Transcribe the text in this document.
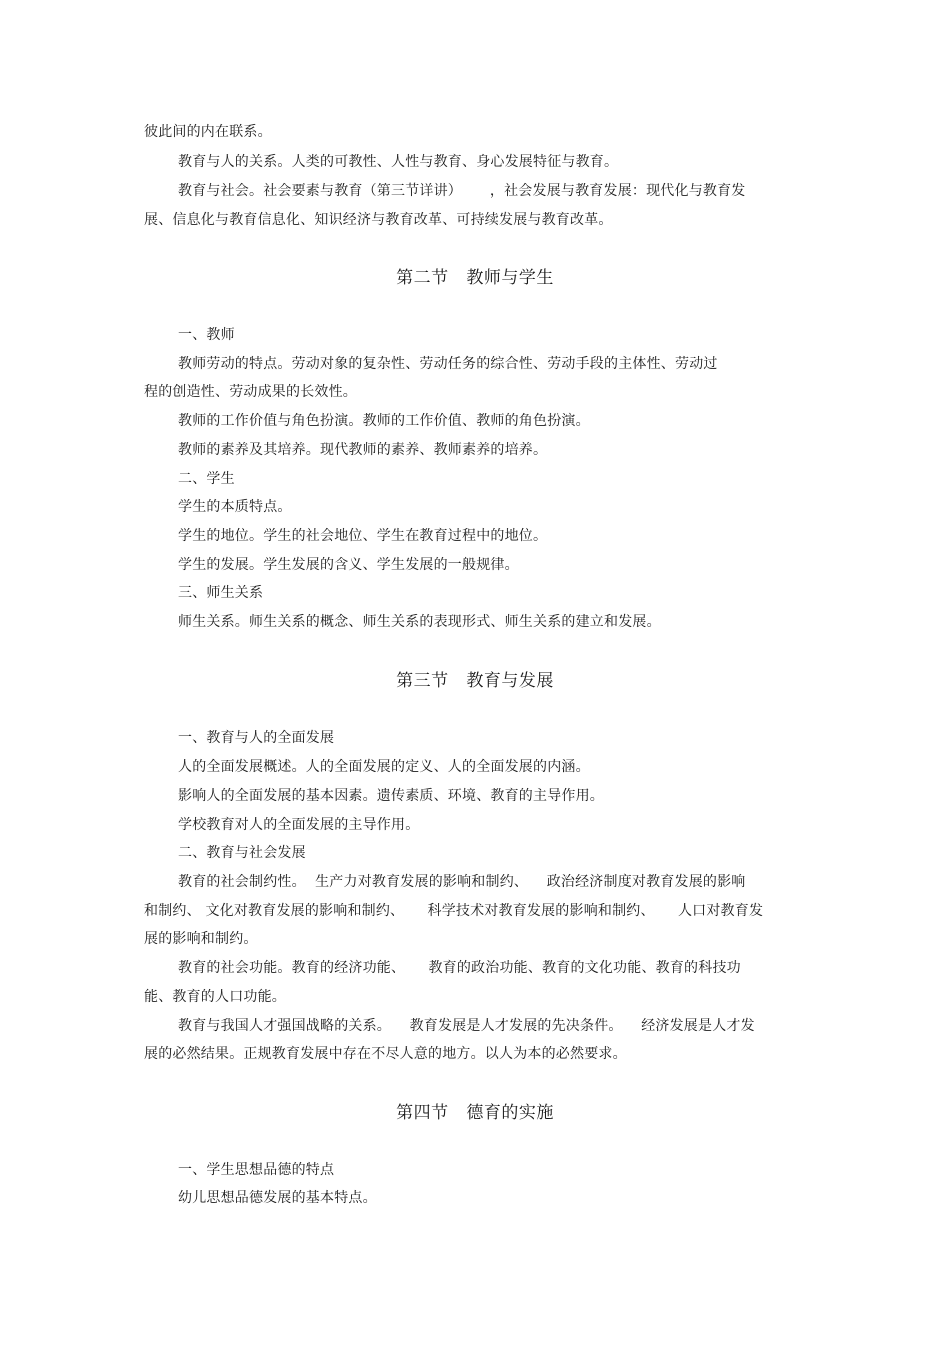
彼此间的内在联系。
教育与人的关系。人类的可教性、人性与教育、身心发展特征与教育。
教育与社会。社会要素与教育（第三节详讲）      ，社会发展与教育发展：现代化与教育发
展、信息化与教育信息化、知识经济与教育改革、可持续发展与教育改革。
第二节   教师与学生
一、教师
教师劳动的特点。劳动对象的复杂性、劳动任务的综合性、劳动手段的主体性、劳动过
程的创造性、劳动成果的长效性。
教师的工作价值与角色扮演。教师的工作价值、教师的角色扮演。
教师的素养及其培养。现代教师的素养、教师素养的培养。
二、学生
学生的本质特点。
学生的地位。学生的社会地位、学生在教育过程中的地位。
学生的发展。学生发展的含义、学生发展的一般规律。
三、师生关系
师生关系。师生关系的概念、师生关系的表现形式、师生关系的建立和发展。
第三节   教育与发展
一、教育与人的全面发展
人的全面发展概述。人的全面发展的定义、人的全面发展的内涵。
影响人的全面发展的基本因素。遗传素质、环境、教育的主导作用。
学校教育对人的全面发展的主导作用。
二、教育与社会发展
教育的社会制约性。  生产力对教育发展的影响和制约、    政治经济制度对教育发展的影响
和制约、 文化对教育发展的影响和制约、     科学技术对教育发展的影响和制约、     人口对教育发
展的影响和制约。
教育的社会功能。教育的经济功能、     教育的政治功能、教育的文化功能、教育的科技功
能、教育的人口功能。
教育与我国人才强国战略的关系。    教育发展是人才发展的先决条件。    经济发展是人才发
展的必然结果。正规教育发展中存在不尽人意的地方。以人为本的必然要求。
第四节   德育的实施
一、学生思想品德的特点
幼儿思想品德发展的基本特点。
